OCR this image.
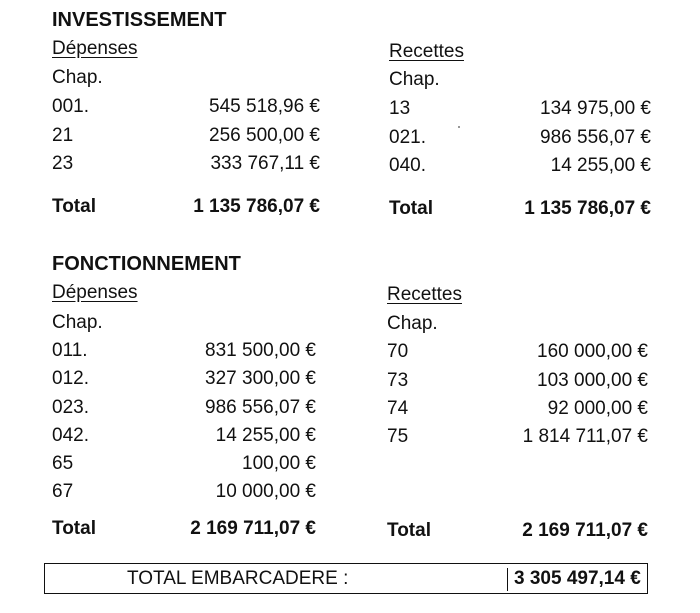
INVESTISSEMENT
Dépenses
Chap.
001.	545 518,96 €
21	256 500,00 €
23	333 767,11 €
Total	1 135 786,07 €
Recettes
Chap.
13	134 975,00 €
021.	986 556,07 €
040.	14 255,00 €
Total	1 135 786,07 €
FONCTIONNEMENT
Dépenses
Chap.
011.	831 500,00 €
012.	327 300,00 €
023.	986 556,07 €
042.	14 255,00 €
65	100,00 €
67	10 000,00 €
Total	2 169 711,07 €
Recettes
Chap.
70	160 000,00 €
73	103 000,00 €
74	92 000,00 €
75	1 814 711,07 €
Total	2 169 711,07 €
TOTAL EMBARCADERE :	3 305 497,14 €
